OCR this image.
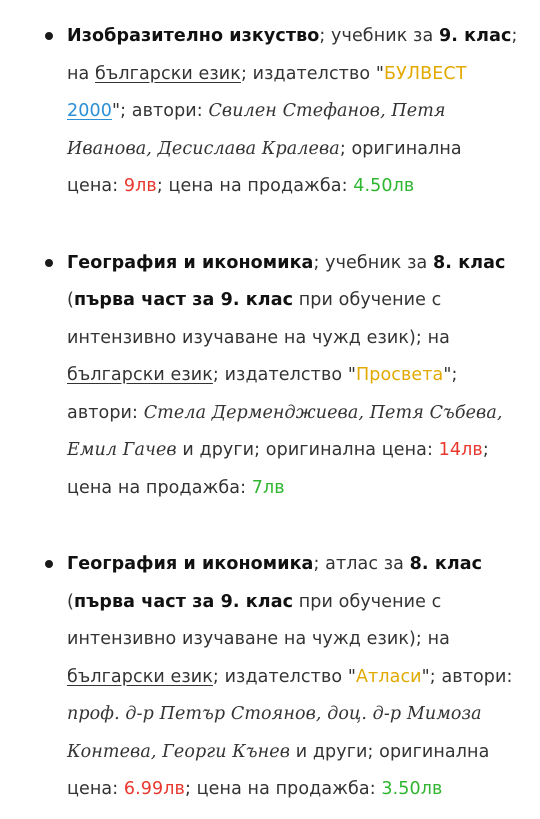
Изобразително изкуство; учебник за 9. клас; на български език; издателство "БУЛВЕСТ 2000"; автори: Свилен Стефанов, Петя Иванова, Десислава Кралева; оригинална цена: 9лв; цена на продажба: 4.50лв
География и икономика; учебник за 8. клас (първа част за 9. клас при обучение с интензивно изучаване на чужд език); на български език; издателство "Просвета"; автори: Стела Дерменджиева, Петя Събева, Емил Гачев и други; оригинална цена: 14лв; цена на продажба: 7лв
География и икономика; атлас за 8. клас (първа част за 9. клас при обучение с интензивно изучаване на чужд език); на български език; издателство "Атласи"; автори: проф. д-р Петър Стоянов, доц. д-р Мимоза Контева, Георги Кънев и други; оригинална цена: 6.99лв; цена на продажба: 3.50лв
